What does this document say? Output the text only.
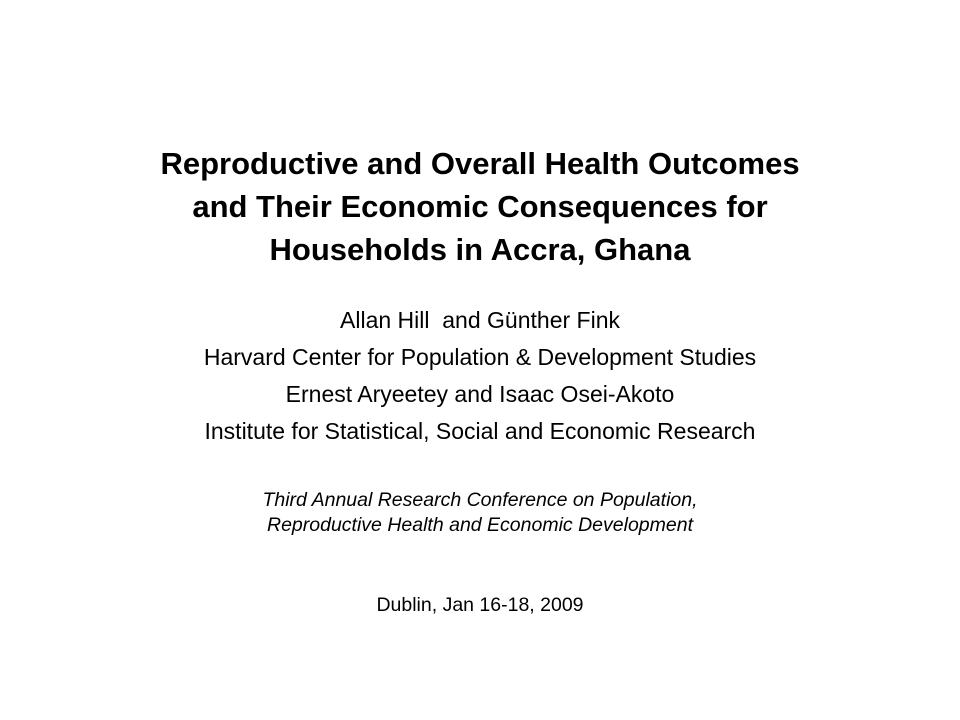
Reproductive and Overall Health Outcomes
and Their Economic Consequences for
Households in Accra, Ghana
Allan Hill  and Günther Fink
Harvard Center for Population & Development Studies
Ernest Aryeetey and Isaac Osei-Akoto
Institute for Statistical, Social and Economic Research
Third Annual Research Conference on Population,
Reproductive Health and Economic Development
Dublin, Jan 16-18, 2009
